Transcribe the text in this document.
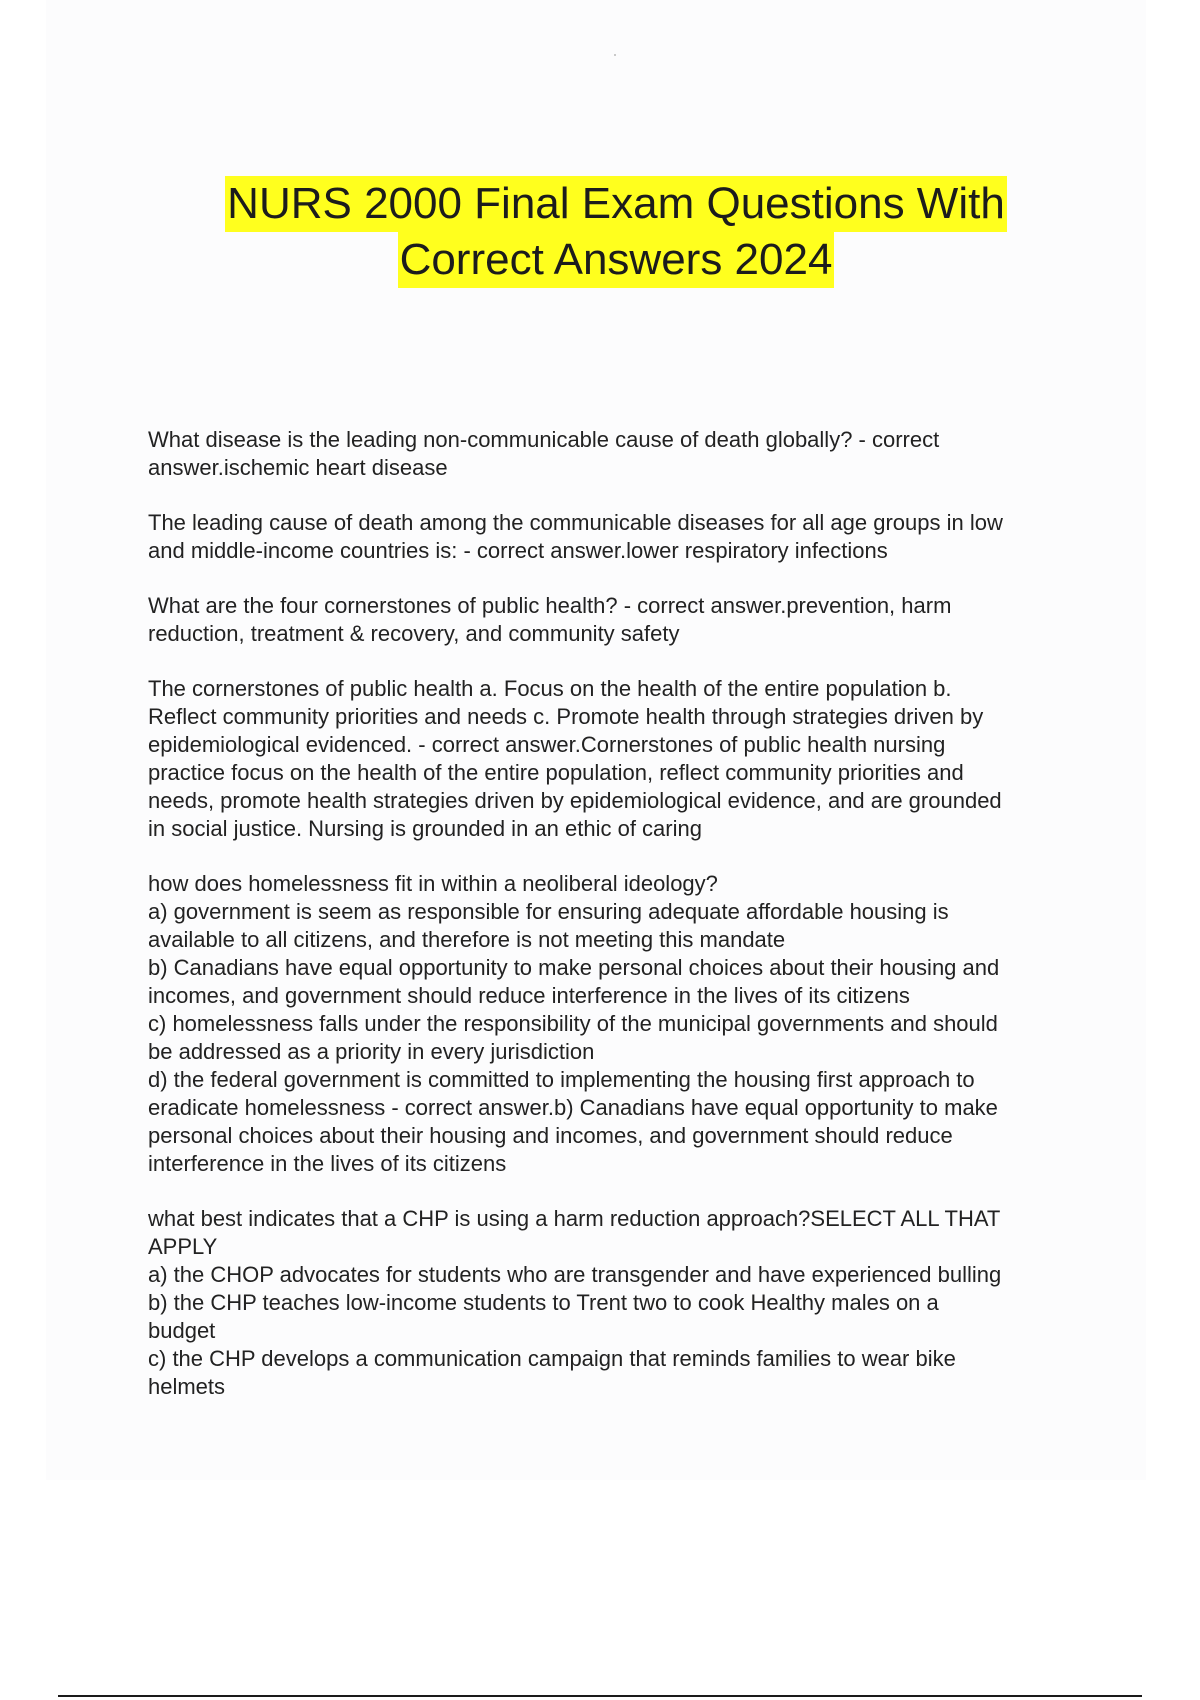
NURS 2000 Final Exam Questions With
Correct Answers 2024
What disease is the leading non-communicable cause of death globally? - correct
answer.ischemic heart disease
The leading cause of death among the communicable diseases for all age groups in low
and middle-income countries is: - correct answer.lower respiratory infections
What are the four cornerstones of public health? - correct answer.prevention, harm
reduction, treatment & recovery, and community safety
The cornerstones of public health a. Focus on the health of the entire population b.
Reflect community priorities and needs c. Promote health through strategies driven by
epidemiological evidenced. - correct answer.Cornerstones of public health nursing
practice focus on the health of the entire population, reflect community priorities and
needs, promote health strategies driven by epidemiological evidence, and are grounded
in social justice. Nursing is grounded in an ethic of caring
how does homelessness fit in within a neoliberal ideology?
a) government is seem as responsible for ensuring adequate affordable housing is
available to all citizens, and therefore is not meeting this mandate
b) Canadians have equal opportunity to make personal choices about their housing and
incomes, and government should reduce interference in the lives of its citizens
c) homelessness falls under the responsibility of the municipal governments and should
be addressed as a priority in every jurisdiction
d) the federal government is committed to implementing the housing first approach to
eradicate homelessness - correct answer.b) Canadians have equal opportunity to make
personal choices about their housing and incomes, and government should reduce
interference in the lives of its citizens
what best indicates that a CHP is using a harm reduction approach?SELECT ALL THAT
APPLY
a) the CHOP advocates for students who are transgender and have experienced bulling
b) the CHP teaches low-income students to Trent two to cook Healthy males on a
budget
c) the CHP develops a communication campaign that reminds families to wear bike
helmets
